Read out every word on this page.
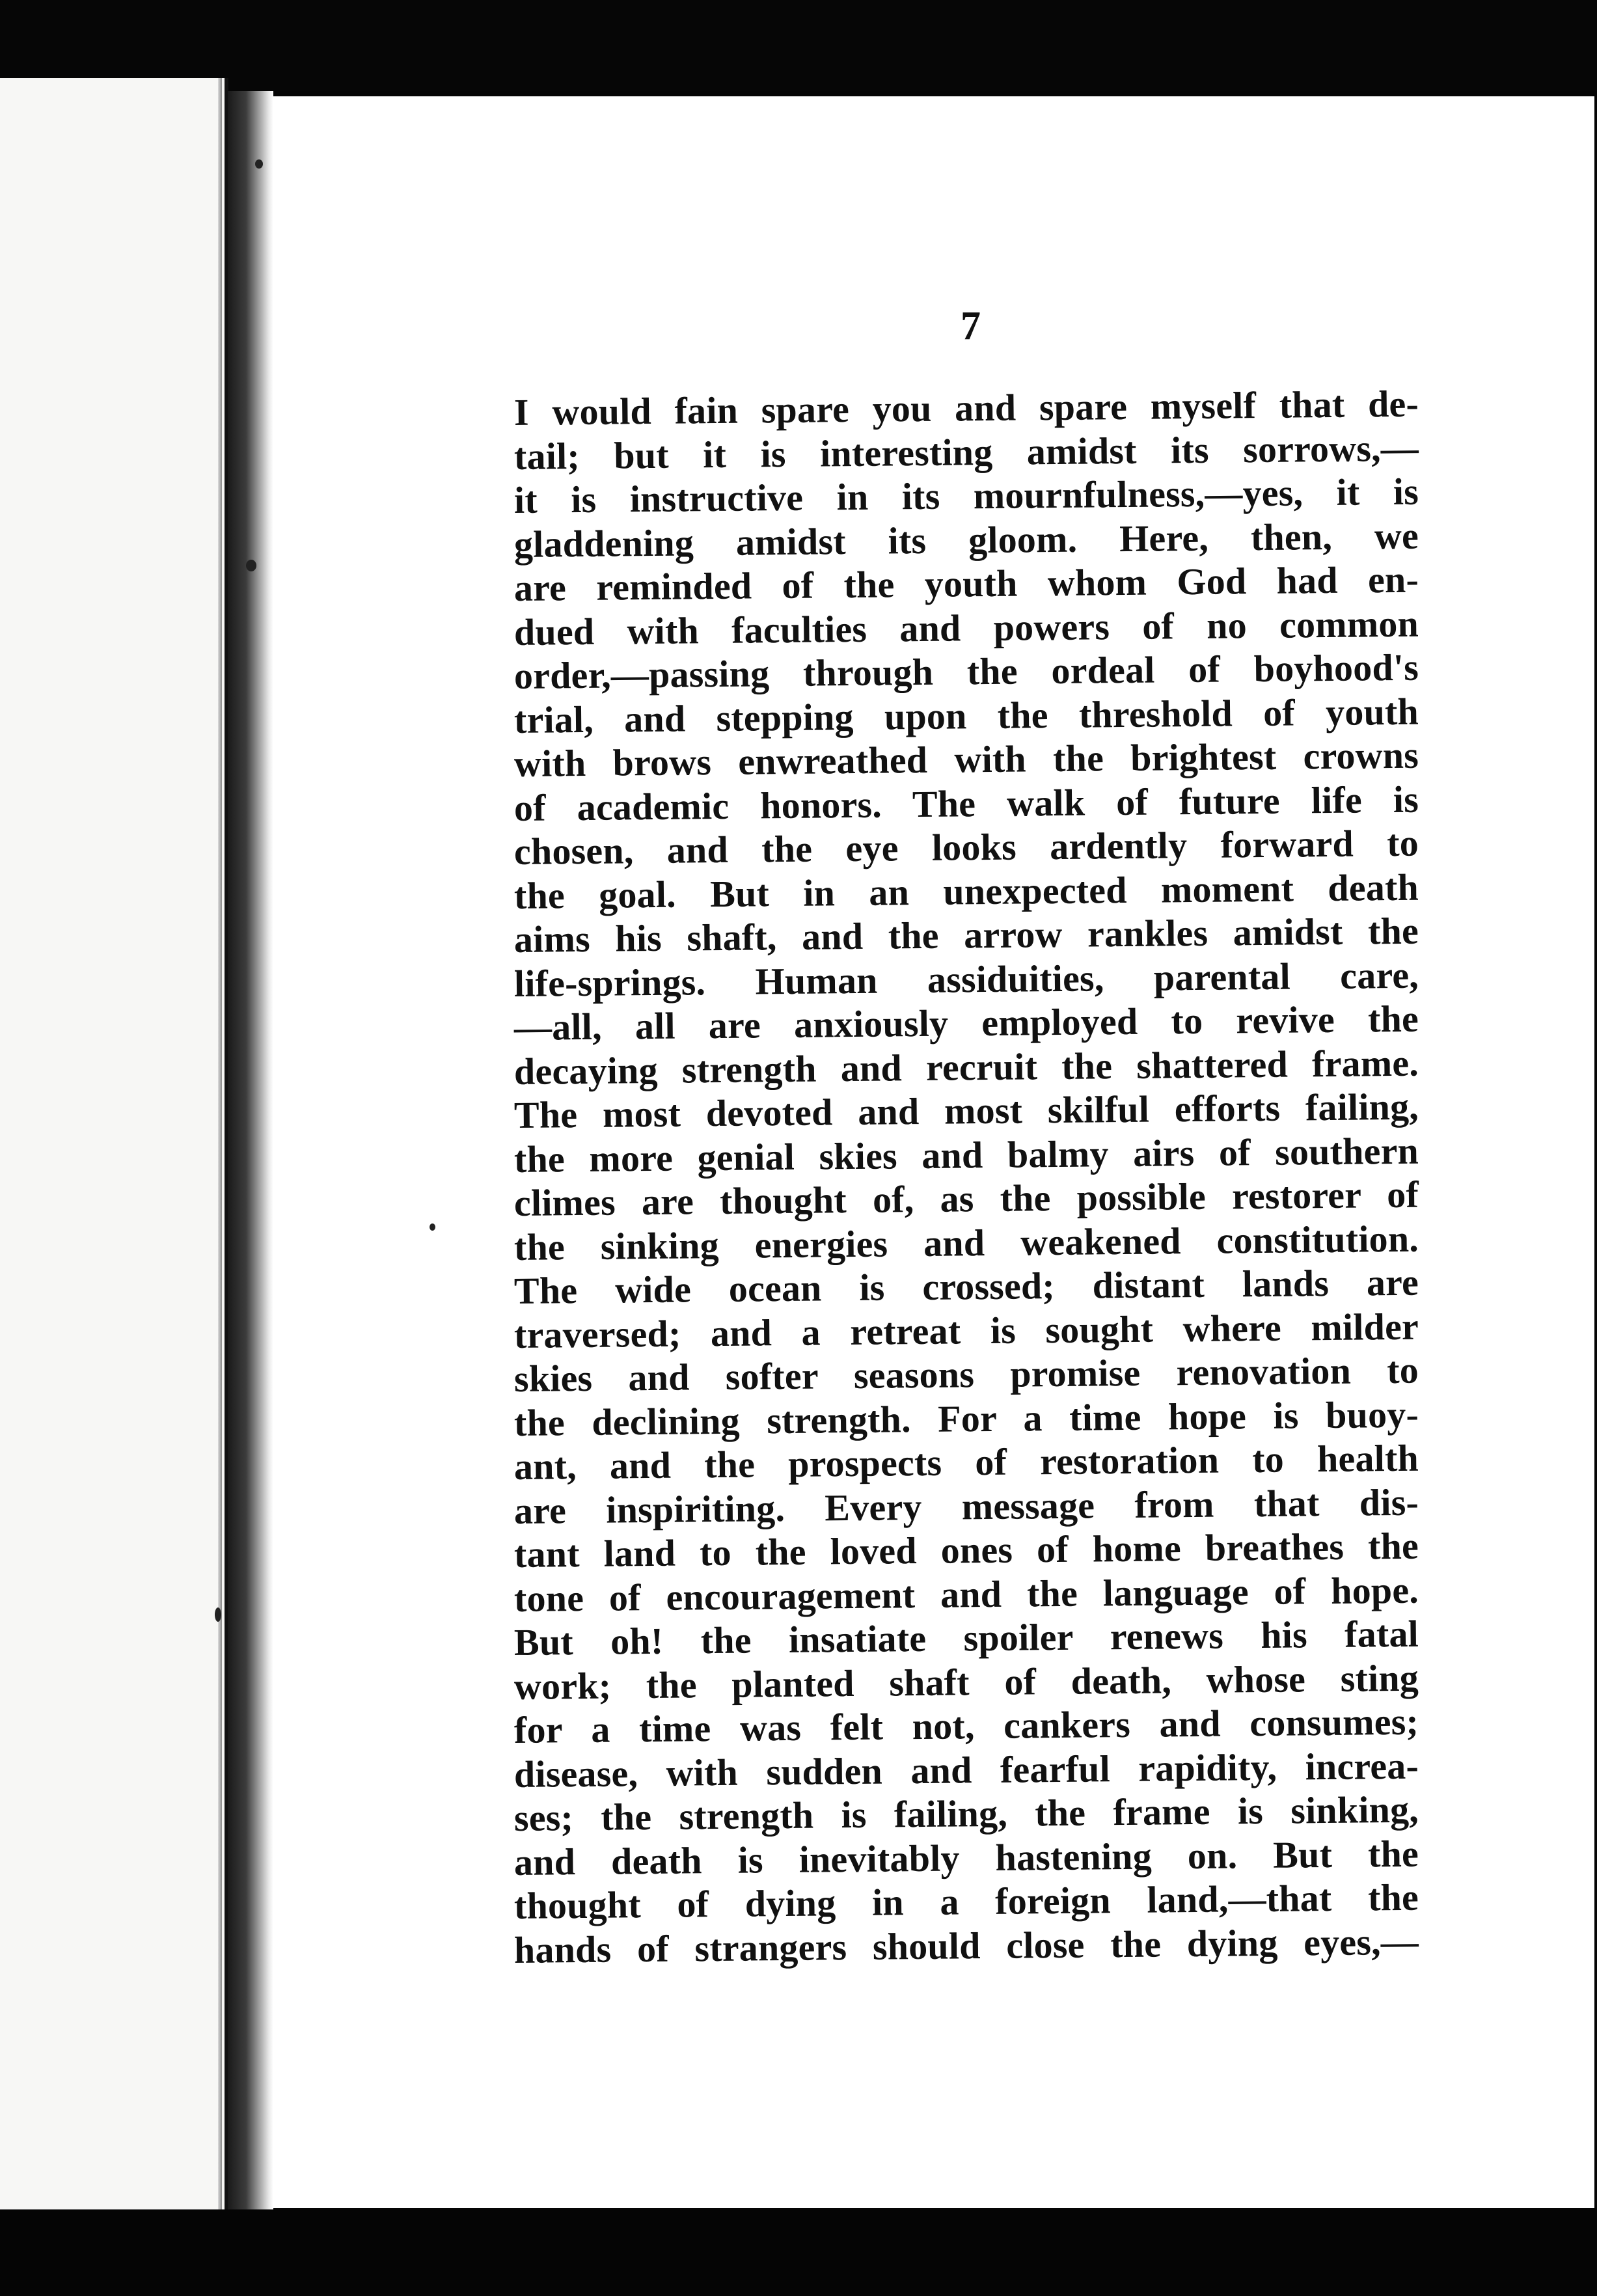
7
I would fain spare you and spare myself that de-
tail; but it is interesting amidst its sorrows,—
it is instructive in its mournfulness,—yes, it is
gladdening amidst its gloom. Here, then, we
are reminded of the youth whom God had en-
dued with faculties and powers of no common
order,—passing through the ordeal of boyhood's
trial, and stepping upon the threshold of youth
with brows enwreathed with the brightest crowns
of academic honors. The walk of future life is
chosen, and the eye looks ardently forward to
the goal. But in an unexpected moment death
aims his shaft, and the arrow rankles amidst the
life-springs. Human assiduities, parental care,
—all, all are anxiously employed to revive the
decaying strength and recruit the shattered frame.
The most devoted and most skilful efforts failing,
the more genial skies and balmy airs of southern
climes are thought of, as the possible restorer of
the sinking energies and weakened constitution.
The wide ocean is crossed; distant lands are
traversed; and a retreat is sought where milder
skies and softer seasons promise renovation to
the declining strength. For a time hope is buoy-
ant, and the prospects of restoration to health
are inspiriting. Every message from that dis-
tant land to the loved ones of home breathes the
tone of encouragement and the language of hope.
But oh! the insatiate spoiler renews his fatal
work; the planted shaft of death, whose sting
for a time was felt not, cankers and consumes;
disease, with sudden and fearful rapidity, increa-
ses; the strength is failing, the frame is sinking,
and death is inevitably hastening on. But the
thought of dying in a foreign land,—that the
hands of strangers should close the dying eyes,—
